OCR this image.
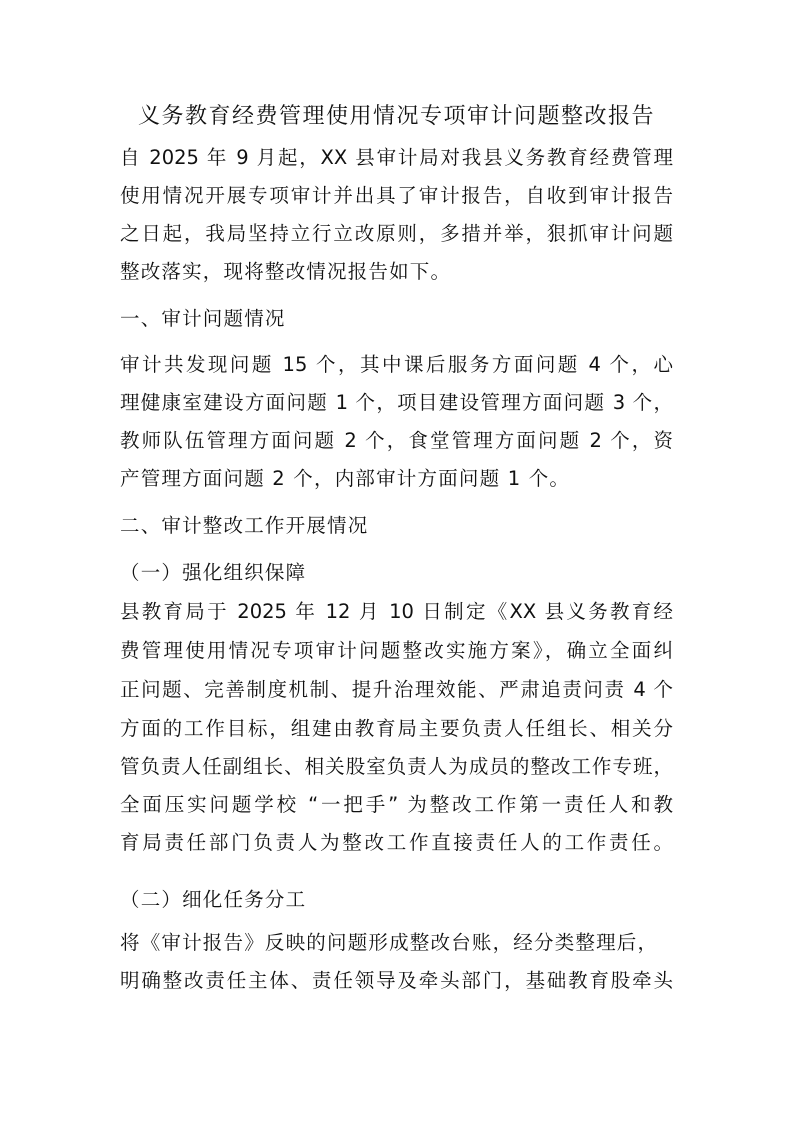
义务教育经费管理使用情况专项审计问题整改报告
自 2025 年 9 月起，XX 县审计局对我县义务教育经费管理
使用情况开展专项审计并出具了审计报告，自收到审计报告
之日起，我局坚持立行立改原则，多措并举，狠抓审计问题
整改落实，现将整改情况报告如下。
一、审计问题情况
审计共发现问题 15 个，其中课后服务方面问题 4 个，心
理健康室建设方面问题 1 个，项目建设管理方面问题 3 个，
教师队伍管理方面问题 2 个，食堂管理方面问题 2 个，资
产管理方面问题 2 个，内部审计方面问题 1 个。
二、审计整改工作开展情况
（一）强化组织保障
县教育局于 2025 年 12 月 10 日制定《XX 县义务教育经
费管理使用情况专项审计问题整改实施方案》，确立全面纠
正问题、完善制度机制、提升治理效能、严肃追责问责 4 个
方面的工作目标，组建由教育局主要负责人任组长、相关分
管负责人任副组长、相关股室负责人为成员的整改工作专班，
全面压实问题学校 “一把手” 为整改工作第一责任人和教
育局责任部门负责人为整改工作直接责任人的工作责任。
（二）细化任务分工
将《审计报告》反映的问题形成整改台账，经分类整理后，
明确整改责任主体、责任领导及牵头部门，基础教育股牵头
